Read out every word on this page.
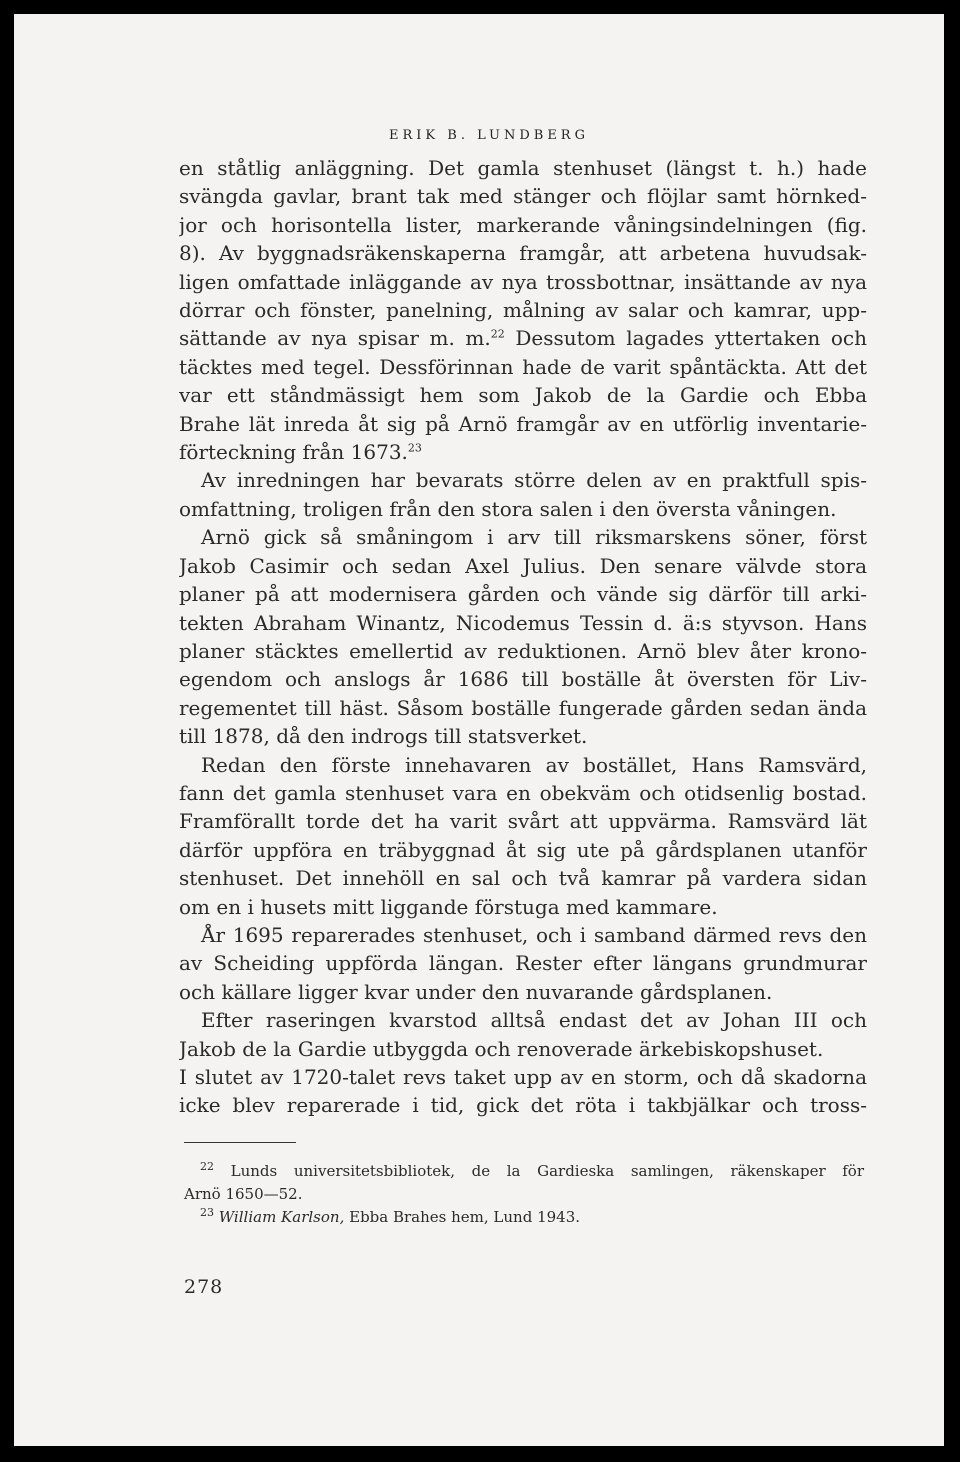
ERIK B. LUNDBERG
en ståtlig anläggning. Det gamla stenhuset (längst t. h.) hade
svängda gavlar, brant tak med stänger och flöjlar samt hörnked-
jor och horisontella lister, markerande våningsindelningen (fig.
8). Av byggnadsräkenskaperna framgår, att arbetena huvudsak-
ligen omfattade inläggande av nya trossbottnar, insättande av nya
dörrar och fönster, panelning, målning av salar och kamrar, upp-
sättande av nya spisar m. m.$^{22}$ Dessutom lagades yttertaken och
täcktes med tegel. Dessförinnan hade de varit spåntäckta. Att det
var ett ståndmässigt hem som Jakob de la Gardie och Ebba
Brahe lät inreda åt sig på Arnö framgår av en utförlig inventarie-
förteckning från 1673.23
Av inredningen har bevarats större delen av en praktfull spis-
omfattning, troligen från den stora salen i den översta våningen.
Arnö gick så småningom i arv till riksmarskens söner, först
Jakob Casimir och sedan Axel Julius. Den senare välvde stora
planer på att modernisera gården och vände sig därför till arki-
tekten Abraham Winantz, Nicodemus Tessin d. ä:s styvson. Hans
planer stäcktes emellertid av reduktionen. Arnö blev åter krono-
egendom och anslogs år 1686 till boställe åt översten för Liv-
regementet till häst. Såsom boställe fungerade gården sedan ända
till 1878, då den indrogs till statsverket.
Redan den förste innehavaren av bostället, Hans Ramsvärd,
fann det gamla stenhuset vara en obekväm och otidsenlig bostad.
Framförallt torde det ha varit svårt att uppvärma. Ramsvärd lät
därför uppföra en träbyggnad åt sig ute på gårdsplanen utanför
stenhuset. Det innehöll en sal och två kamrar på vardera sidan
om en i husets mitt liggande förstuga med kammare.
År 1695 reparerades stenhuset, och i samband därmed revs den
av Scheiding uppförda längan. Rester efter längans grundmurar
och källare ligger kvar under den nuvarande gårdsplanen.
Efter raseringen kvarstod alltså endast det av Johan III och
Jakob de la Gardie utbyggda och renoverade ärkebiskopshuset.
I slutet av 1720-talet revs taket upp av en storm, och då skadorna
icke blev reparerade i tid, gick det röta i takbjälkar och tross-
$^{22}$ Lunds universitetsbibliotek, de la Gardieska samlingen, räkenskaper för
Arnö 1650—52.
$^{23}$ William Karlson, Ebba Brahes hem, Lund 1943.
278
